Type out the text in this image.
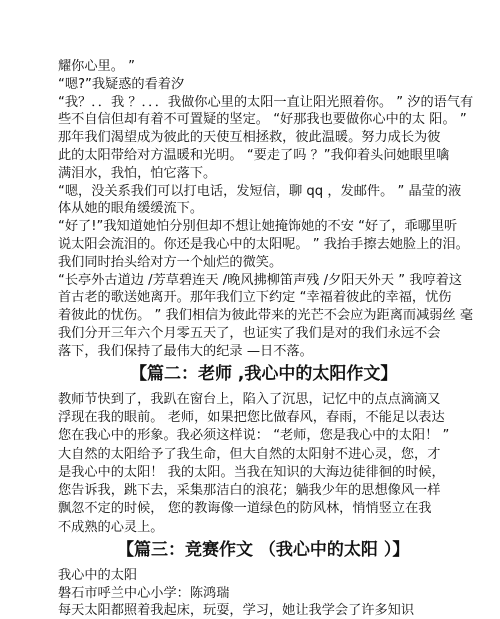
耀你心里。 ”
“嗯?”我疑惑的看着汐
“我？．．我 ？．．．我做你心里的太阳一直让阳光照着你。 ” 汐的语气有
些不自信但却有着不可置疑的坚定。 “好那我也要做你心中的太 阳。 ”
那年我们渴望成为彼此的天使互相拯救，彼此温暖。努力成长为彼
此的太阳带给对方温暖和光明。 “要走了吗 ？”我仰着头问她眼里噙
满泪水，我怕，怕它落下。
“嗯，没关系我们可以打电话，发短信，聊 qq ，发邮件。 ” 晶莹的液
体从她的眼角缓缓流下。
“好了!”我知道她怕分别但却不想让她掩饰她的不安 “好了，乖哪里听
说太阳会流泪的。你还是我心中的太阳呢。 ” 我抬手擦去她脸上的泪。
我们同时抬头给对方一个灿烂的微笑。
“长亭外古道边 /芳草碧连天 /晚风拂柳笛声残 /夕阳天外天 ” 我哼着这
首古老的歌送她离开。那年我们立下约定 “幸福着彼此的幸福，忧伤
着彼此的忧伤。 ” 我们相信为彼此带来的光芒不会应为距离而减弱丝 毫
我们分开三年六个月零五天了，也证实了我们是对的我们永远不会
落下，我们保持了最伟大的纪录 —日不落。
【篇二：老师 ,我心中的太阳作文】
教师节快到了，我趴在窗台上，陷入了沉思，记忆中的点点滴滴又
浮现在我的眼前。 老师，如果把您比做春风，春雨，不能足以表达
您在我心中的形象。我必须这样说： “老师，您是我心中的太阳！ ”
大自然的太阳给予了我生命，但大自然的太阳射不进心灵，您，才
是我心中的太阳！ 我的太阳。当我在知识的大海边徒徘徊的时候，
您告诉我，跳下去，采集那洁白的浪花；躺我少年的思想像风一样
飘忽不定的时候， 您的教诲像一道绿色的防风林，悄悄竖立在我
不成熟的心灵上。
【篇三：竞赛作文 （我心中的太阳 ）】
我心中的太阳
磐石市呼兰中心小学：陈鸿瑞
每天太阳都照着我起床，玩耍，学习，她让我学会了许多知识
